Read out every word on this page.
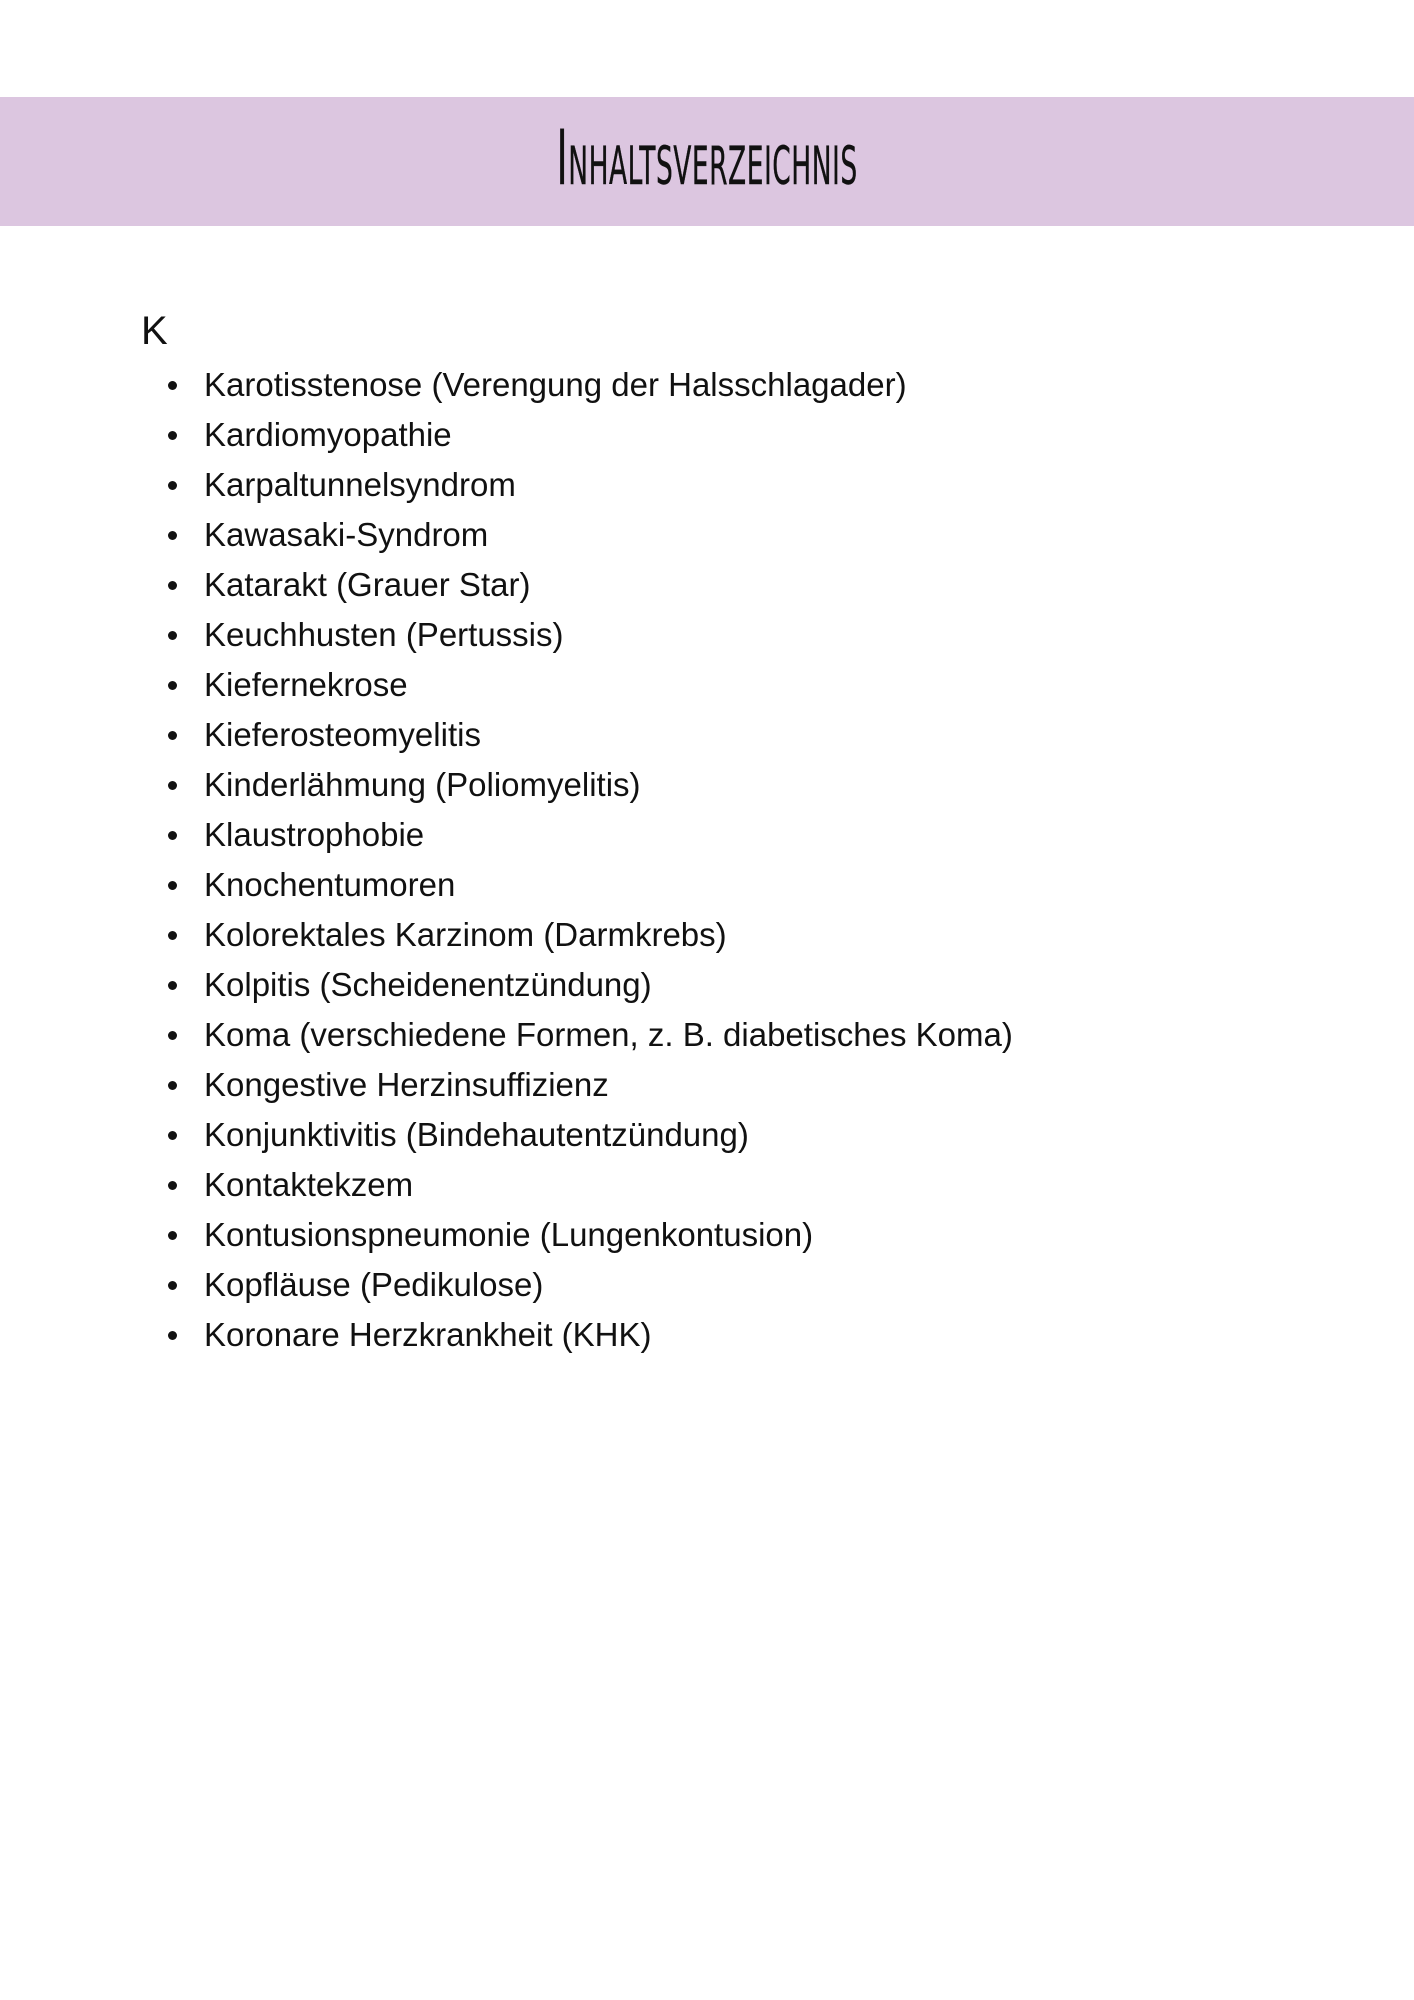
Inhaltsverzeichnis
K
Karotisstenose (Verengung der Halsschlagader)
Kardiomyopathie
Karpaltunnelsyndrom
Kawasaki-Syndrom
Katarakt (Grauer Star)
Keuchhusten (Pertussis)
Kiefernekrose
Kieferosteomyelitis
Kinderlähmung (Poliomyelitis)
Klaustrophobie
Knochentumoren
Kolorektales Karzinom (Darmkrebs)
Kolpitis (Scheidenentzündung)
Koma (verschiedene Formen, z. B. diabetisches Koma)
Kongestive Herzinsuffizienz
Konjunktivitis (Bindehautentzündung)
Kontaktekzem
Kontusionspneumonie (Lungenkontusion)
Kopfläuse (Pedikulose)
Koronare Herzkrankheit (KHK)
